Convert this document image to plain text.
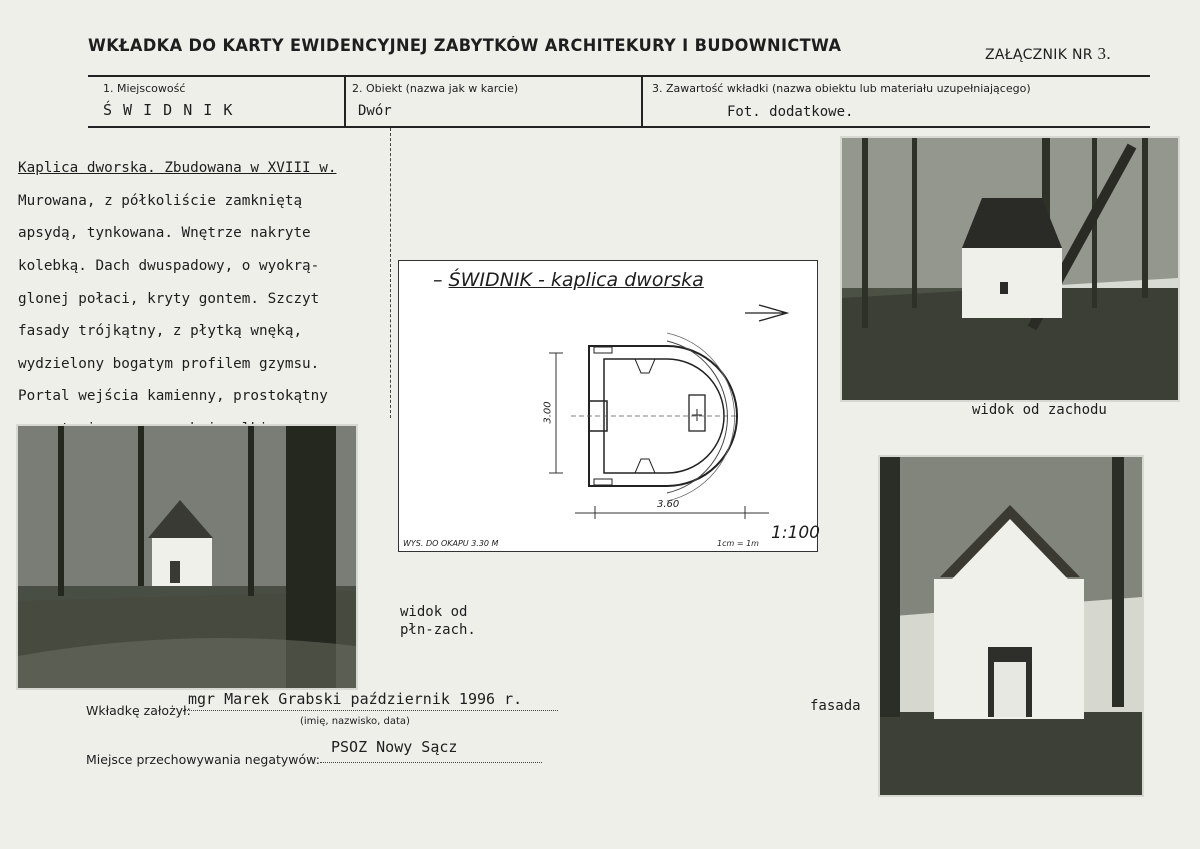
WKŁADKA DO KARTY EWIDENCYJNEJ ZABYTKÓW ARCHITEKURY I BUDOWNICTWA	ZAŁĄCZNIK NR 3.
1. Miejscowość
Ś W I D N I K
2. Obiekt (nazwa jak w karcie)
Dwór
3. Zawartość wkładki (nazwa obiektu lub materiału uzupełniającego)
Fot. dodatkowe.

Kaplica dworska. Zbudowana w XVIII w.

Murowana, z półkoliście zamkniętą

apsydą, tynkowana. Wnętrze nakryte

kolebką. Dach dwuspadowy, o wyokrą-

glonej połaci, kryty gontem. Szczyt

fasady trójkątny, z płytką wnęką,

wydzielony bogatym profilem gzymsu.

Portal wejścia kamienny, prostokątny

– ŚWIDNIK - kaplica dworska
3.00
3.60
WYS. DO OKAPU 3.30 M	1cm = 1m
1:100
widok od zachodu
widok od
płn-zach.
fasada
Wkładkę założył:
mgr Marek Grabski październik 1996 r.
(imię, nazwisko, data)
Miejsce przechowywania negatywów:
PSOZ Nowy Sącz
